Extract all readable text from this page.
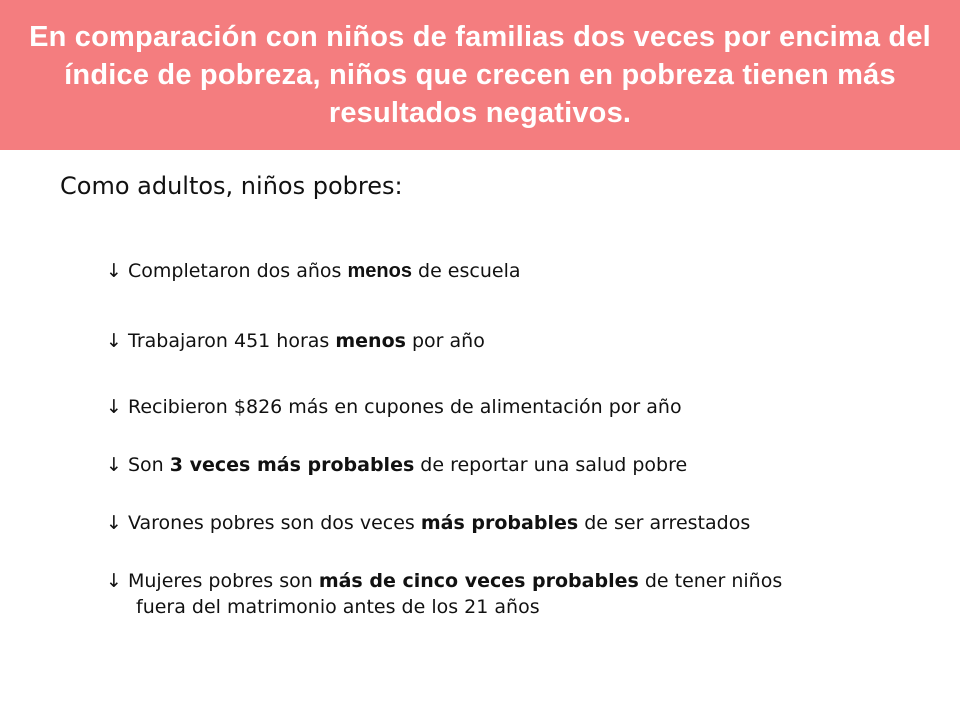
En comparación con niños de familias dos veces por encima del índice de pobreza, niños que crecen en pobreza tienen más resultados negativos.
Como adultos, niños pobres:
↓ Completaron dos años menos de escuela
↓ Trabajaron 451 horas menos por año
↓ Recibieron $826 más en cupones de alimentación por año
↓ Son 3 veces más probables de reportar una salud pobre
↓ Varones pobres son dos veces más probables de ser arrestados
↓ Mujeres pobres son más de cinco veces probables de tener niños
fuera del matrimonio antes de los 21 años
